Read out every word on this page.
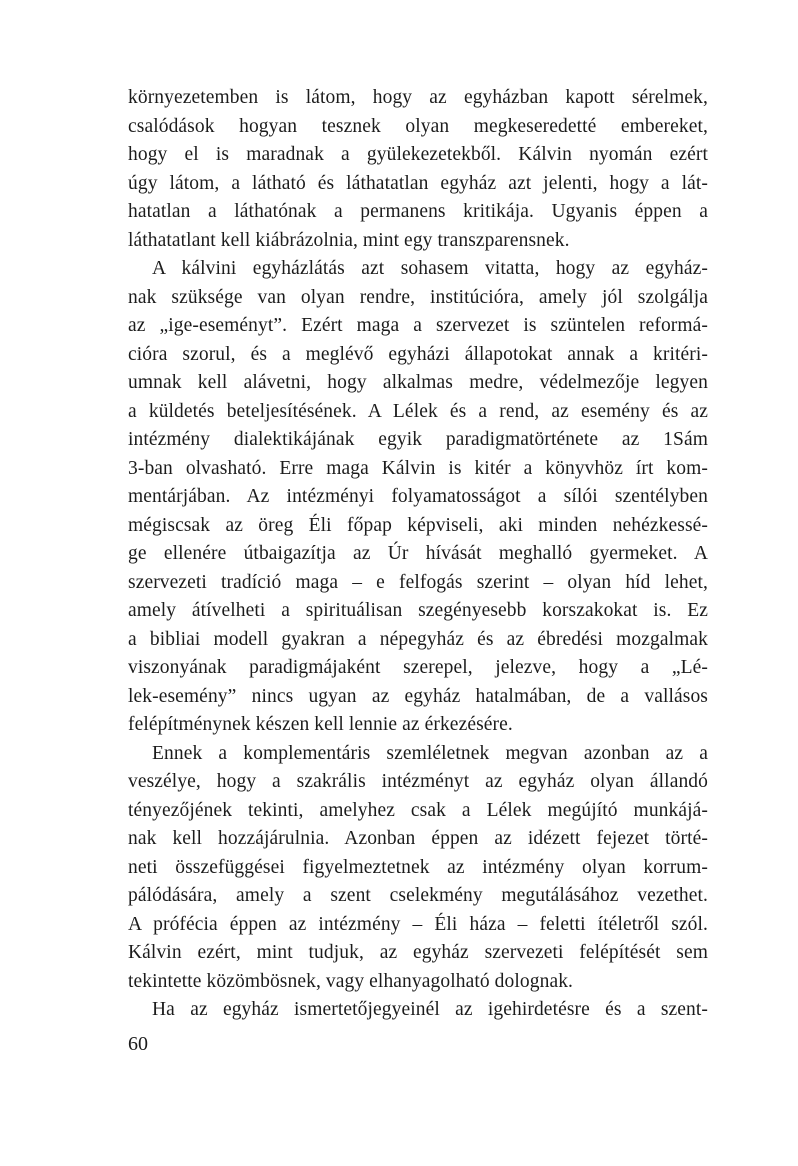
környezetemben is látom, hogy az egyházban kapott sérelmek,
csalódások hogyan tesznek olyan megkeseredetté embereket,
hogy el is maradnak a gyülekezetekből. Kálvin nyomán ezért
úgy látom, a látható és láthatatlan egyház azt jelenti, hogy a lát-
hatatlan a láthatónak a permanens kritikája. Ugyanis éppen a
láthatatlant kell kiábrázolnia, mint egy transzparensnek.
A kálvini egyházlátás azt sohasem vitatta, hogy az egyház-
nak szüksége van olyan rendre, institúcióra, amely jól szolgálja
az „ige-eseményt”. Ezért maga a szervezet is szüntelen reformá-
cióra szorul, és a meglévő egyházi állapotokat annak a kritéri-
umnak kell alávetni, hogy alkalmas medre, védelmezője legyen
a küldetés beteljesítésének. A Lélek és a rend, az esemény és az
intézmény dialektikájának egyik paradigmatörténete az 1Sám
3-ban olvasható. Erre maga Kálvin is kitér a könyvhöz írt kom-
mentárjában. Az intézményi folyamatosságot a sílói szentélyben
mégiscsak az öreg Éli főpap képviseli, aki minden nehézkessé-
ge ellenére útbaigazítja az Úr hívását meghalló gyermeket. A
szervezeti tradíció maga – e felfogás szerint – olyan híd lehet,
amely átívelheti a spirituálisan szegényesebb korszakokat is. Ez
a bibliai modell gyakran a népegyház és az ébredési mozgalmak
viszonyának paradigmájaként szerepel, jelezve, hogy a „Lé-
lek-esemény” nincs ugyan az egyház hatalmában, de a vallásos
felépítménynek készen kell lennie az érkezésére.
Ennek a komplementáris szemléletnek megvan azonban az a
veszélye, hogy a szakrális intézményt az egyház olyan állandó
tényezőjének tekinti, amelyhez csak a Lélek megújító munkájá-
nak kell hozzájárulnia. Azonban éppen az idézett fejezet törté-
neti összefüggései figyelmeztetnek az intézmény olyan korrum-
pálódására, amely a szent cselekmény megutálásához vezethet.
A prófécia éppen az intézmény – Éli háza – feletti ítéletről szól.
Kálvin ezért, mint tudjuk, az egyház szervezeti felépítését sem
tekintette közömbösnek, vagy elhanyagolható dolognak.
Ha az egyház ismertetőjegyeinél az igehirdetésre és a szent-
60
